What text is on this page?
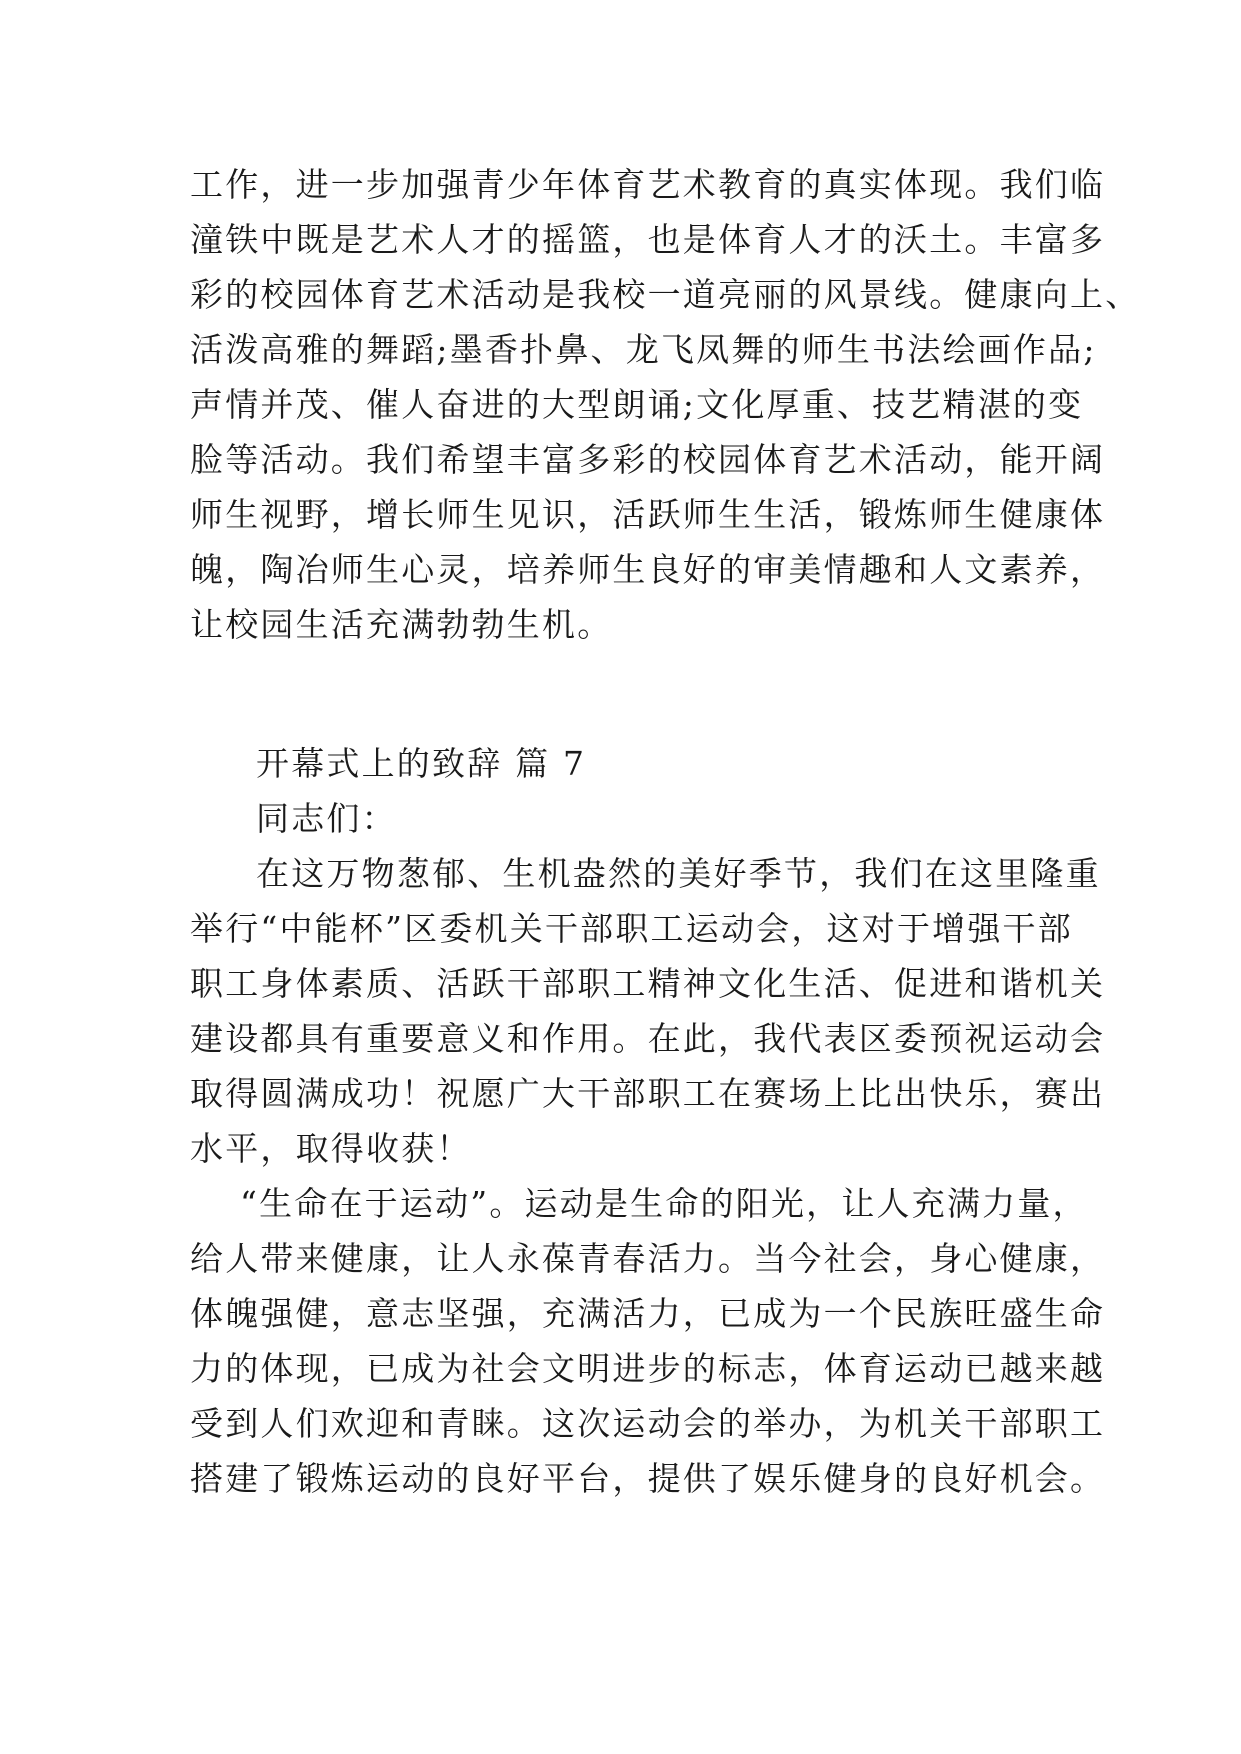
工作，进一步加强青少年体育艺术教育的真实体现。我们临
潼铁中既是艺术人才的摇篮，也是体育人才的沃土。丰富多
彩的校园体育艺术活动是我校一道亮丽的风景线。健康向上、
活泼高雅的舞蹈;墨香扑鼻、龙飞凤舞的师生书法绘画作品;
声情并茂、催人奋进的大型朗诵;文化厚重、技艺精湛的变
脸等活动。我们希望丰富多彩的校园体育艺术活动，能开阔
师生视野，增长师生见识，活跃师生生活，锻炼师生健康体
魄，陶冶师生心灵，培养师生良好的审美情趣和人文素养，
让校园生活充满勃勃生机。
开幕式上的致辞 篇 7
同志们：
在这万物葱郁、生机盎然的美好季节，我们在这里隆重
举行“中能杯”区委机关干部职工运动会，这对于增强干部
职工身体素质、活跃干部职工精神文化生活、促进和谐机关
建设都具有重要意义和作用。在此，我代表区委预祝运动会
取得圆满成功！祝愿广大干部职工在赛场上比出快乐，赛出
水平，取得收获！
“生命在于运动”。运动是生命的阳光，让人充满力量，
给人带来健康，让人永葆青春活力。当今社会，身心健康，
体魄强健，意志坚强，充满活力，已成为一个民族旺盛生命
力的体现，已成为社会文明进步的标志，体育运动已越来越
受到人们欢迎和青睐。这次运动会的举办，为机关干部职工
搭建了锻炼运动的良好平台，提供了娱乐健身的良好机会。
